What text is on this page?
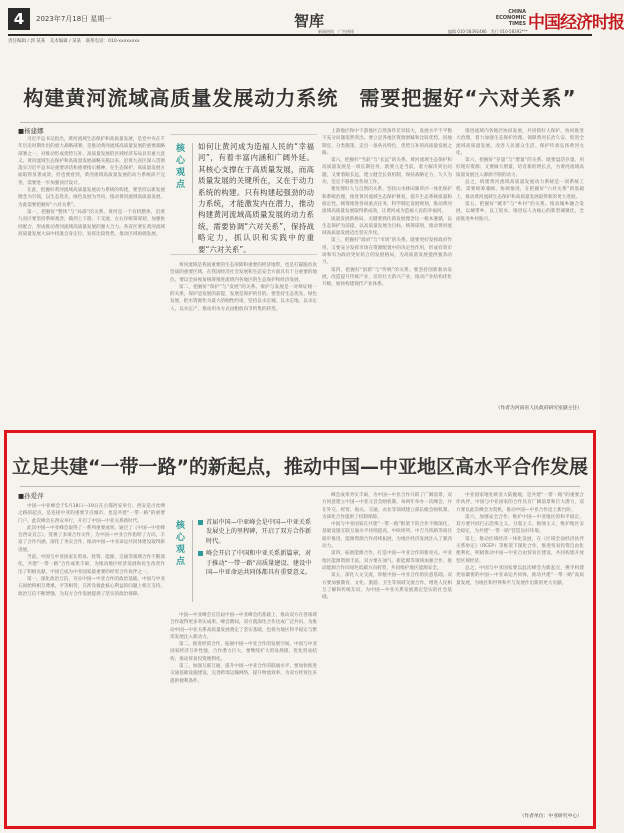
4	2023年7月18日 星期一	智库
新闻热线　广告热线	编辑 010-58392486　发行 010-58392***
CHINA ECONOMIC TIMES 中国经济时报
责任编辑 / 郭 某某　美术编辑 / 某某　联系电话：010-xxxxxxxx
构建黄河流域高质量发展动力系统　需要把握好“六对关系”
■杨建娜

习近平总书记指出，黄河流域生态保护和高质量发展，是党中央在千年历史时期作出的重大战略部署，是推动黄河流域高质量发展的重要战略部署之一，对推动形成优势互补、高质量发展的区域经济布局具有重大意义。黄河流域生态保护和高质量发展战略实施以来，沿黄九省区深入贯彻落实习近平总书记重要讲话和重要指示精神，在生态保护、高质量发展方面取得显著成效，但也要看到，黄河流域高质量发展的动力系统尚不完善，需要进一步加强顶层设计。

在此，把握好黄河流域高质量发展动力系统的构建，要坚持以新发展理念为引领，以生态优先、绿色发展为导向，推动黄河流域高质量发展，为此需要把握好“六对关系”。

第一，把握好“整体”与“局部”的关系。黄河是一个有机整体，沿黄九省区要坚持系统观念，做到上下游、干支流、左右岸统筹谋划，加强协同配合，形成推动黄河流域高质量发展的强大合力。各省区要在黄河流域高质量发展大局中找准自身定位，发挥比较优势，推动区域协调发展。

核心观点
如何让黄河成为造福人民的“幸福河”，有着丰富内涵和广阔外延。其核心支撑在于高质量发展，而高质量发展的关键所在，又在于动力系统的构建。只有构建起强劲的动力系统，才能激发内在潜力，推动构建黄河流域高质量发展的动力系统，需要协调“六对关系”，保持战略定力，抓认识和实践中的重要“六对关系”。

黄河流域是我国重要的生态屏障和重要的经济地带，也是打赢脱贫攻坚战的重要区域，在我国经济社会发展和生态安全方面具有十分重要的地位。要以全局视角统筹推进流域内各地区的生态保护和经济发展。

第二，把握好“保护”与“发展”的关系。保护与发展是一对辩证统一的关系，保护是发展的前提，发展是保护的目的。要坚持生态优先、绿色发展，把水资源作为最大的刚性约束，坚持以水定城、以水定地、以水定人、以水定产，推动用水方式由粗放向节约集约转变。

上游地区和中下游地区自然条件差异较大，发展水平不平衡不充分问题依然突出。要立足各地区资源禀赋和比较优势，因地制宜、分类施策，走出一条各具特色、优势互补的高质量发展之路。

第六，把握好“当前”与“长远”的关系。黄河流域生态保护和高质量发展是一项长期任务，既要立足当前，着力解决突出问题，又要着眼长远，建立健全长效机制，保持战略定力，久久为功，坚定不移推进各项工作。

要处理好人与自然的关系，坚持山水林田湖草沙一体化保护和系统治理，推进黄河流域生态保护修复，提升生态系统质量和稳定性。统筹推进各项重点任务，科学制定发展规划，推动黄河流域高质量发展取得新成效，让黄河成为造福人民的幸福河。

质量发展新格局，关键要抓住新发展理念这一根本遵循，以生态保护为前提，以高质量发展为目标，统筹谋划，推动黄河流域高质量发展迈出坚实步伐。

第三，把握好“政府”与“市场”的关系。既要更好发挥政府作用，又要充分发挥市场在资源配置中的决定性作用，形成有效市场和有为政府更好结合的发展格局，为高质量发展提供强劲动力。

第四，把握好“创新”与“传统”的关系。要坚持创新驱动发展，改造提升传统产业，培育壮大新兴产业，推动产业结构优化升级，加快构建现代产业体系。

推进流域内各地区协同发展，共同抓好大保护，协同推进大治理，着力加强生态保护治理、保障黄河长治久安、促进全流域高质量发展、改善人民群众生活、保护传承弘扬黄河文化。

第六，把握好“存量”与“增量”的关系。既要盘活存量，用好现有资源；又要做大增量，培育新的增长点，为黄河流域高质量发展注入源源不断的动力。

总之，构建黄河流域高质量发展动力系统是一项系统工程，需要统筹兼顾、协调推进，在把握好“六对关系”的基础上，推动黄河流域生态保护和高质量发展取得新的更大进展。

第五，把握好“城市”与“乡村”的关系。推动城乡融合发展，以城带乡、以工促农，推进以人为核心的新型城镇化，全面推进乡村振兴。

（作者为河南省人民政府研究室副主任）
立足共建“一带一路”的新起点，推动中国—中亚地区高水平合作发展
■孙爱萍

中国—中亚峰会于5月18日—19日在古都西安举行。西安是古丝绸之路的起点，是连接中亚的重要节点城市，也是共建“一带一路”的重要门户，此次峰会在西安举行，开启了中国—中亚关系新时代。

此次中国—中亚峰会取得了一系列重要成果。通过了《中国—中亚峰会西安宣言》，签署了多项合作文件，为中国—中亚合作指明了方向，丰富了合作内涵，深化了务实合作，推动中国—中亚命运共同体建设取得新进展。

当前，中国与中亚国家在贸易、投资、能源、交通等领域合作不断深化，共建“一带一路”合作成果丰硕，为推动地区经济发展和民生改善作出了积极贡献，中国已成为中亚国家最重要的经贸合作伙伴之一。

第一，深化政治互信，夯实中国—中亚合作的政治基础。中国与中亚五国始终相互尊重、平等相待，在涉及彼此核心利益的问题上相互支持，政治互信不断增强，为双方合作发展提供了坚实的政治保障。

核心观点
首届中国—中亚峰会是中国—中亚关系发展史上的里程碑，开启了双方合作新时代。
峰会开启了中国和中亚关系新篇章，对于推动“一带一路”高质量建设、建设中国—中亚命运共同体都具有重要意义。

中国—中亚峰会在首届中国—中亚峰会的基础上，推动双方在各领域合作取得更多务实成果。峰会期间，双方就深化合作达成广泛共识，为推动中国—中亚关系高质量发展奠定了坚实基础，也将为地区和平稳定与繁荣发展注入新动力。

第二，推进经贸合作，拓展中国—中亚合作的发展空间。中国与中亚国家经济互补性强，合作潜力巨大，要继续扩大贸易规模，优化贸易结构，推动贸易投资便利化。

第三，加强互联互通，提升中国—中亚合作的联通水平。要加快推进交通基础设施建设，完善跨境运输网络，提升物流效率，为双方经贸往来提供便利条件。

峰会成果务实丰硕，为中国—中亚合作开辟了广阔前景，双方同意建立中国—中亚元首会晤机制，每两年举办一次峰会，并在外交、经贸、海关、交通、农业等领域建立部长级会晤机制，为深化合作提供了机制保障。

中国与中亚国家在共建“一带一路”框架下的合作不断深化，基础设施互联互通水平持续提高，中欧班列、中吉乌铁路等项目稳步推进，能源资源合作持续拓展，为地区经济发展注入了强劲动力。

第四，拓展能源合作，打造中国—中亚合作的新亮点。中亚地区能源资源丰富，双方要在油气、新能源等领域加强合作，推动能源合作向绿色低碳方向转型，共同维护地区能源安全。

第五，深化人文交流，厚植中国—中亚合作的民意基础。双方要加强教育、文化、旅游、卫生等领域交流合作，增进人民相互了解和传统友谊，为中国—中亚关系发展奠定坚实的社会基础。

中亚国家地处欧亚大陆腹地，是共建“一带一路”的重要合作伙伴，中国与中亚国家的合作具有广阔前景和巨大潜力，双方要以此次峰会为契机，推动中国—中亚合作迈上新台阶。

第六，加强安全合作，维护中国—中亚地区的和平稳定。双方要共同打击恐怖主义、分裂主义、极端主义，维护地区安全稳定，为共建“一带一路”营造良好环境。

第七，推动区域经济一体化发展，在《区域全面经济伙伴关系协定》（RCEP）等框架下深化合作，推进贸易投资自由化便利化，积极推动中国—中亚自由贸易区建设，共同构建开放型区域经济。

总之，中国与中亚国家要以此次峰会为新起点，携手构建更加紧密的中国—中亚命运共同体，推动共建“一带一路”高质量发展，为地区和世界和平与发展作出新的更大贡献。

（作者单位：中亚研究中心）
